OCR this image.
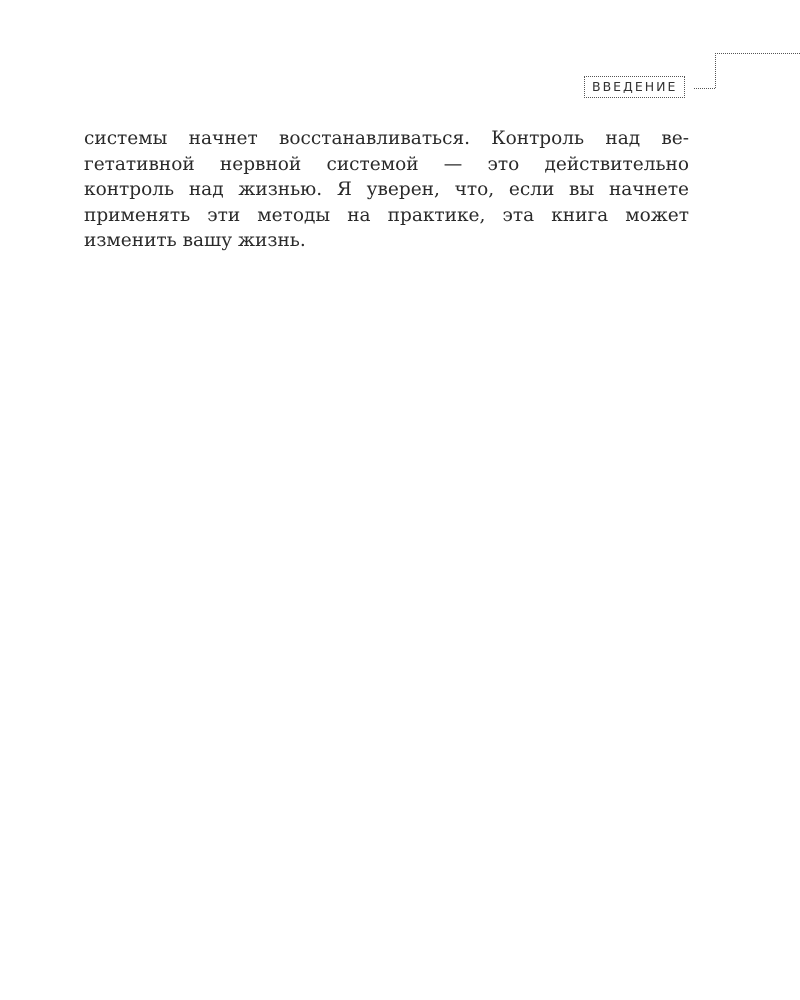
ВВЕДЕНИЕ

системы начнет восстанавливаться. Контроль над ве-
гетативной нервной системой — это действительно
контроль над жизнью. Я уверен, что, если вы начнете
применять эти методы на практике, эта книга может
изменить вашу жизнь.
